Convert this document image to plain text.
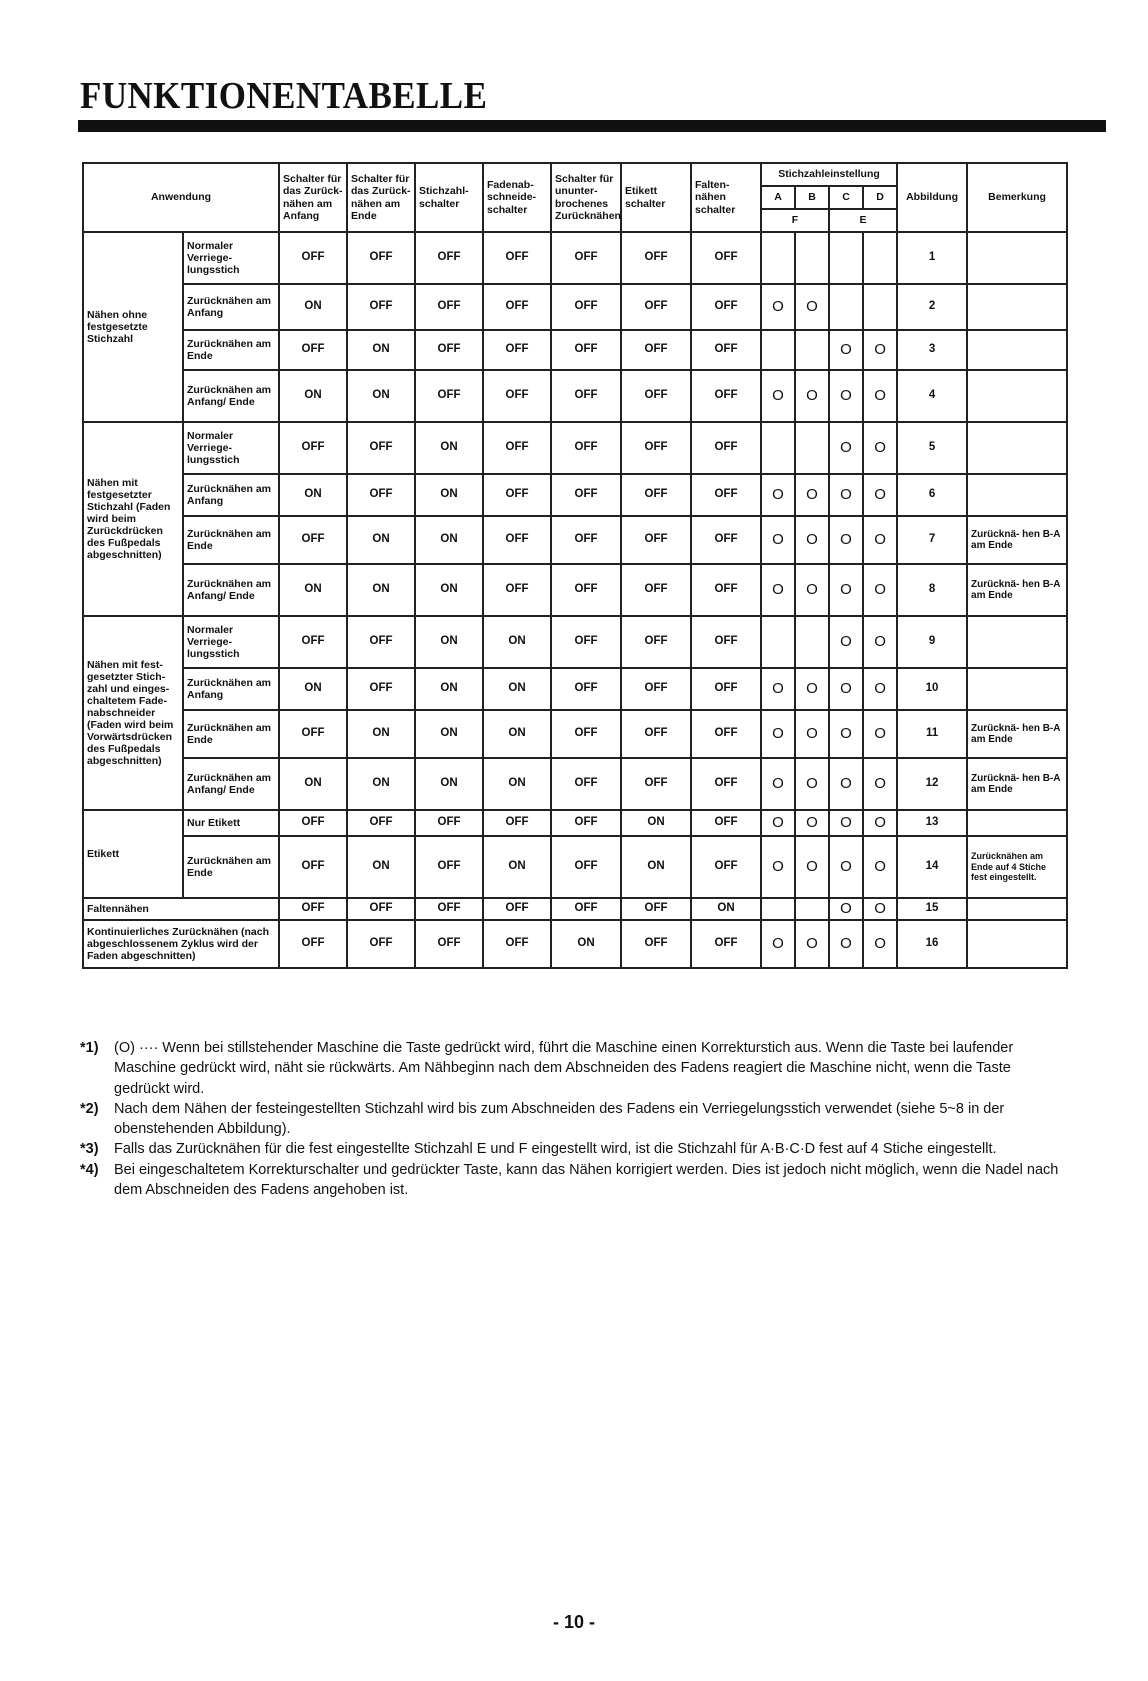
FUNKTIONENTABELLE
Anwendung		Schalter für das Zurück- nähen am Anfang	Schalter für das Zurück- nähen am Ende	Stichzahl- schalter	Fadenab- schneide- schalter	Schalter für ununter- brochenes Zurücknähen	Etikett schalter	Falten- nähen schalter	Stichzahleinstellung				Abbildung	Bemerkung
									A	B	C	D		
									F		E			
Nähen ohne festgesetzte Stichzahl	Normaler Verriege- lungsstich	OFF	OFF	OFF	OFF	OFF	OFF	OFF					1	
	Zurücknähen am Anfang	ON	OFF	OFF	OFF	OFF	OFF	OFF	O	O			2	
	Zurücknähen am Ende	OFF	ON	OFF	OFF	OFF	OFF	OFF			O	O	3	
	Zurücknähen am Anfang/ Ende	ON	ON	OFF	OFF	OFF	OFF	OFF	O	O	O	O	4	
Nähen mit festgesetzter Stichzahl (Faden wird beim Zurückdrücken des Fußpedals abgeschnitten)	Normaler Verriege- lungsstich	OFF	OFF	ON	OFF	OFF	OFF	OFF			O	O	5	
	Zurücknähen am Anfang	ON	OFF	ON	OFF	OFF	OFF	OFF	O	O	O	O	6	
	Zurücknähen am Ende	OFF	ON	ON	OFF	OFF	OFF	OFF	O	O	O	O	7	Zurücknä- hen B-A am Ende
	Zurücknähen am Anfang/ Ende	ON	ON	ON	OFF	OFF	OFF	OFF	O	O	O	O	8	Zurücknä- hen B-A am Ende
Nähen mit fest- gesetzter Stich- zahl und einges- chaltetem Fade- nabschneider (Faden wird beim Vorwärtsdrücken des Fußpedals abgeschnitten)	Normaler Verriege- lungsstich	OFF	OFF	ON	ON	OFF	OFF	OFF			O	O	9	
	Zurücknähen am Anfang	ON	OFF	ON	ON	OFF	OFF	OFF	O	O	O	O	10	
	Zurücknähen am Ende	OFF	ON	ON	ON	OFF	OFF	OFF	O	O	O	O	11	Zurücknä- hen B-A am Ende
	Zurücknähen am Anfang/ Ende	ON	ON	ON	ON	OFF	OFF	OFF	O	O	O	O	12	Zurücknä- hen B-A am Ende
Etikett	Nur Etikett	OFF	OFF	OFF	OFF	OFF	ON	OFF	O	O	O	O	13	
	Zurücknähen am Ende	OFF	ON	OFF	ON	OFF	ON	OFF	O	O	O	O	14	Zurücknähen am Ende auf 4 Stiche fest eingestellt.
Faltennähen		OFF	OFF	OFF	OFF	OFF	OFF	ON			O	O	15	
Kontinuierliches Zurücknähen (nach abgeschlossenem Zyklus wird der Faden abgeschnitten)		OFF	OFF	OFF	OFF	ON	OFF	OFF	O	O	O	O	16	
*1)	(O) ···· Wenn bei stillstehender Maschine die Taste gedrückt wird, führt die Maschine einen Korrekturstich aus. Wenn die Taste bei laufender Maschine gedrückt wird, näht sie rückwärts. Am Nähbeginn nach dem Abschneiden des Fadens reagiert die Maschine nicht, wenn die Taste gedrückt wird.
*2)	Nach dem Nähen der festeingestellten Stichzahl wird bis zum Abschneiden des Fadens ein Verriegelungsstich verwendet (siehe 5~8 in der obenstehenden Abbildung).
*3)	Falls das Zurücknähen für die fest eingestellte Stichzahl E und F eingestellt wird, ist die Stichzahl für A·B·C·D fest auf 4 Stiche eingestellt.
*4)	Bei eingeschaltetem Korrekturschalter und gedrückter Taste, kann das Nähen korrigiert werden. Dies ist jedoch nicht möglich, wenn die Nadel nach dem Abschneiden des Fadens angehoben ist.
- 10 -
